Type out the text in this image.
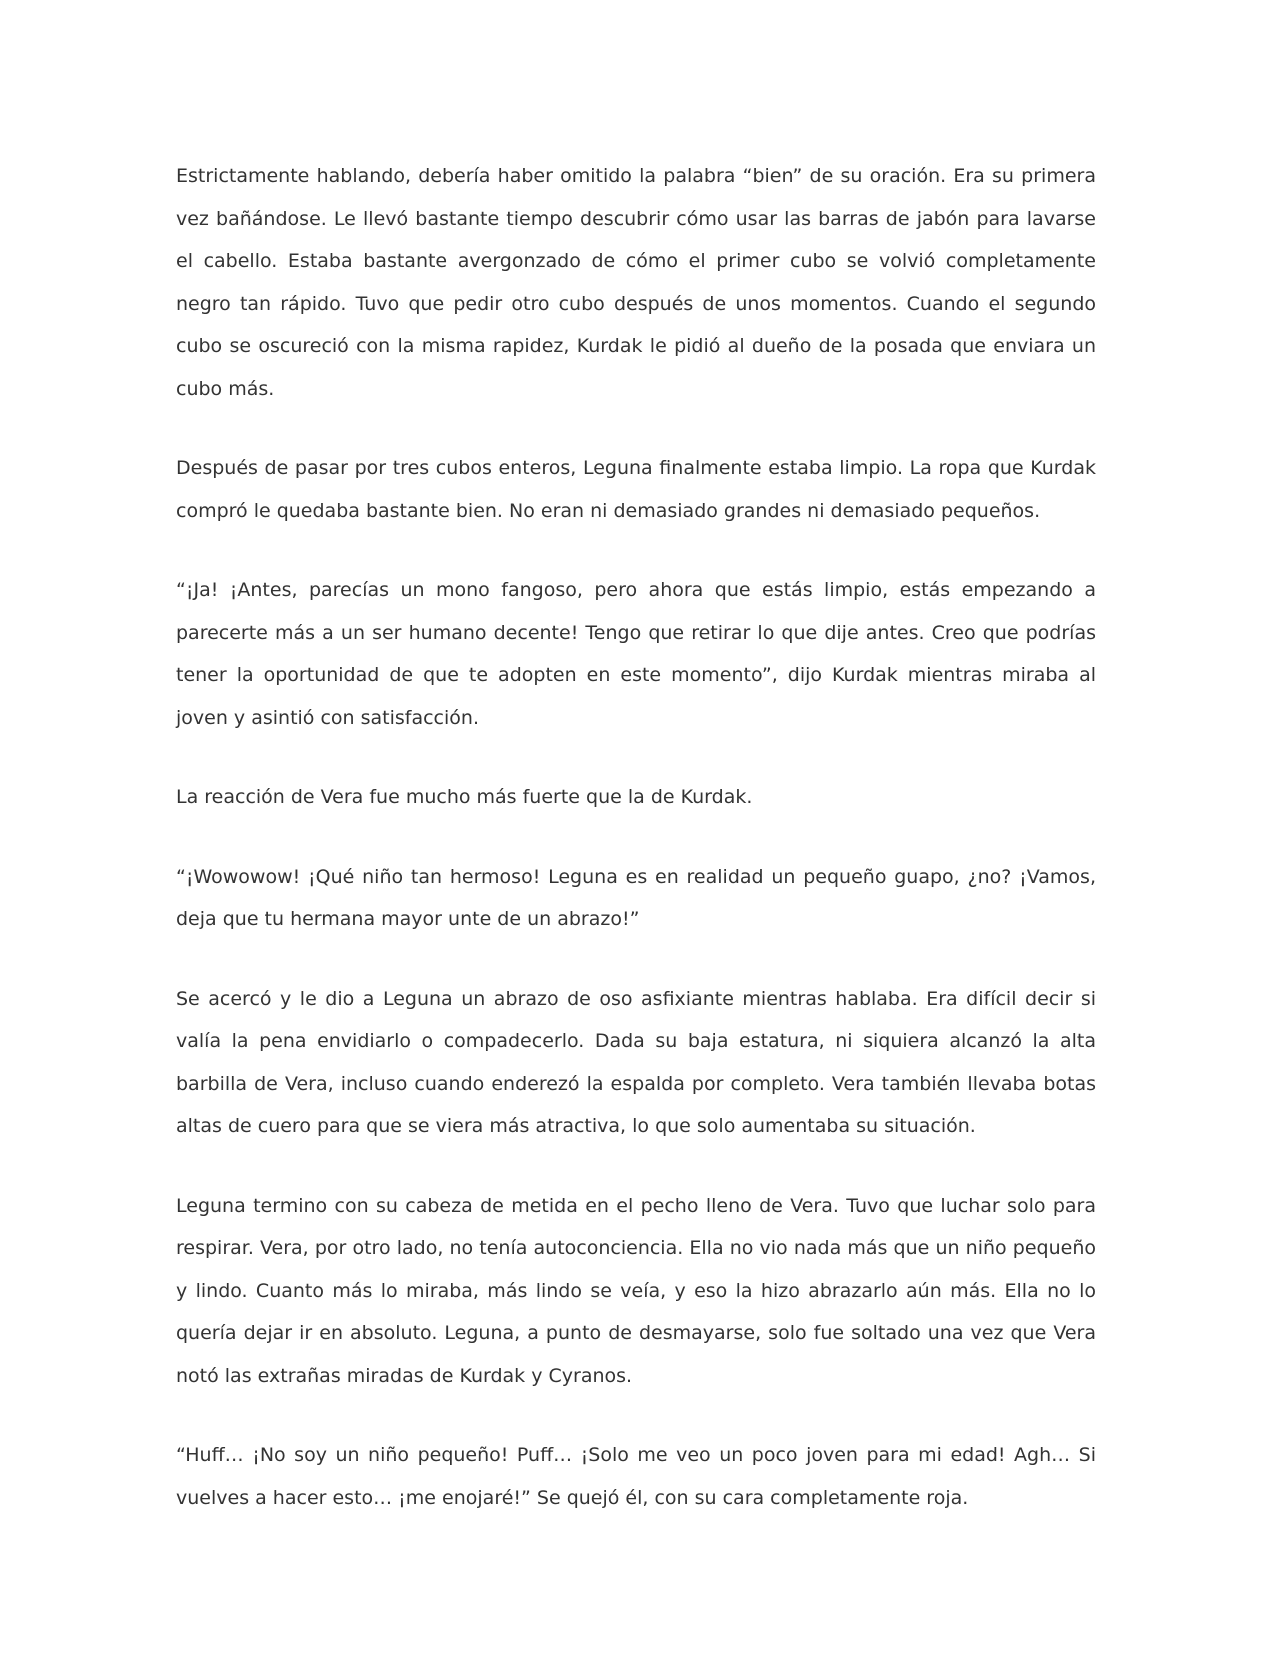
Estrictamente hablando, debería haber omitido la palabra “bien” de su oración. Era su primera vez bañándose. Le llevó bastante tiempo descubrir cómo usar las barras de jabón para lavarse el cabello. Estaba bastante avergonzado de cómo el primer cubo se volvió completamente negro tan rápido. Tuvo que pedir otro cubo después de unos momentos. Cuando el segundo cubo se oscureció con la misma rapidez, Kurdak le pidió al dueño de la posada que enviara un cubo más.

Después de pasar por tres cubos enteros, Leguna finalmente estaba limpio. La ropa que Kurdak compró le quedaba bastante bien. No eran ni demasiado grandes ni demasiado pequeños.

“¡Ja! ¡Antes, parecías un mono fangoso, pero ahora que estás limpio, estás empezando a parecerte más a un ser humano decente! Tengo que retirar lo que dije antes. Creo que podrías tener la oportunidad de que te adopten en este momento”, dijo Kurdak mientras miraba al joven y asintió con satisfacción.

La reacción de Vera fue mucho más fuerte que la de Kurdak.

“¡Wowowow! ¡Qué niño tan hermoso! Leguna es en realidad un pequeño guapo, ¿no? ¡Vamos, deja que tu hermana mayor unte de un abrazo!”

Se acercó y le dio a Leguna un abrazo de oso asfixiante mientras hablaba. Era difícil decir si valía la pena envidiarlo o compadecerlo. Dada su baja estatura, ni siquiera alcanzó la alta barbilla de Vera, incluso cuando enderezó la espalda por completo. Vera también llevaba botas altas de cuero para que se viera más atractiva, lo que solo aumentaba su situación.

Leguna termino con su cabeza de metida en el pecho lleno de Vera. Tuvo que luchar solo para respirar. Vera, por otro lado, no tenía autoconciencia. Ella no vio nada más que un niño pequeño y lindo. Cuanto más lo miraba, más lindo se veía, y eso la hizo abrazarlo aún más. Ella no lo quería dejar ir en absoluto. Leguna, a punto de desmayarse, solo fue soltado una vez que Vera notó las extrañas miradas de Kurdak y Cyranos.

“Huff… ¡No soy un niño pequeño! Puff… ¡Solo me veo un poco joven para mi edad! Agh… Si vuelves a hacer esto… ¡me enojaré!” Se quejó él, con su cara completamente roja.
